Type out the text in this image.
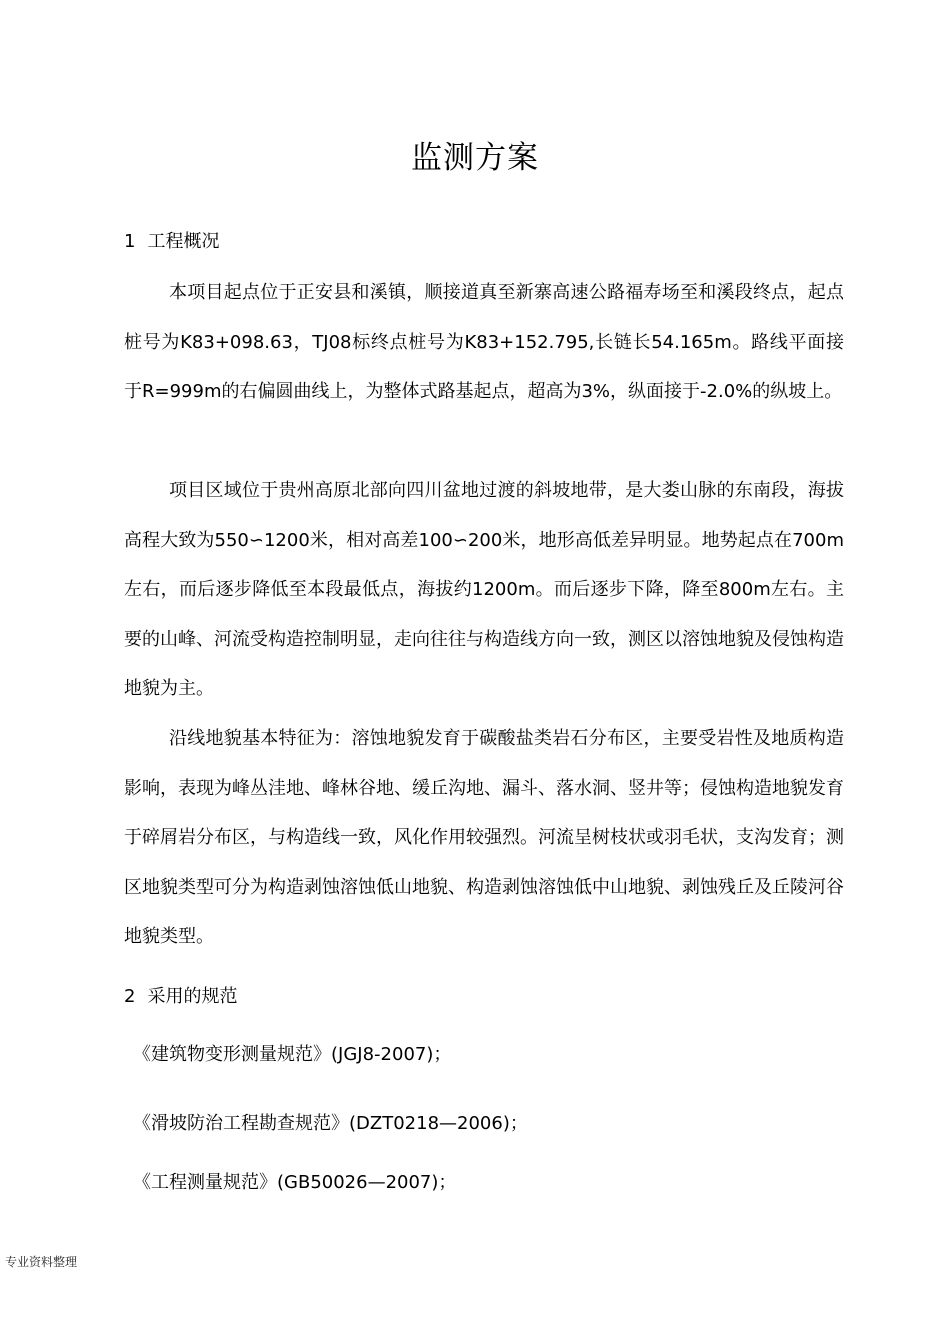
监测方案
1 工程概况

本项目起点位于正安县和溪镇，顺接道真至新寨高速公路福寿场至和溪段终点，起点桩号为K83+098.63，TJ08标终点桩号为K83+152.795,长链长54.165m。路线平面接于R=999m的右偏圆曲线上，为整体式路基起点，超高为3%，纵面接于-2.0%的纵坡上。

项目区域位于贵州高原北部向四川盆地过渡的斜坡地带，是大娄山脉的东南段，海拔高程大致为550∽1200米，相对高差100∽200米，地形高低差异明显。地势起点在700m左右，而后逐步降低至本段最低点，海拔约1200m。而后逐步下降，降至800m左右。主要的山峰、河流受构造控制明显，走向往往与构造线方向一致，测区以溶蚀地貌及侵蚀构造地貌为主。

沿线地貌基本特征为：溶蚀地貌发育于碳酸盐类岩石分布区，主要受岩性及地质构造影响，表现为峰丛洼地、峰林谷地、缓丘沟地、漏斗、落水洞、竖井等；侵蚀构造地貌发育于碎屑岩分布区，与构造线一致，风化作用较强烈。河流呈树枝状或羽毛状，支沟发育；测区地貌类型可分为构造剥蚀溶蚀低山地貌、构造剥蚀溶蚀低中山地貌、剥蚀残丘及丘陵河谷地貌类型。

2 采用的规范
《建筑物变形测量规范》(JGJ8-2007)；
《滑坡防治工程勘查规范》(DZT0218—2006)；
《工程测量规范》(GB50026—2007)；
专业资料整理
